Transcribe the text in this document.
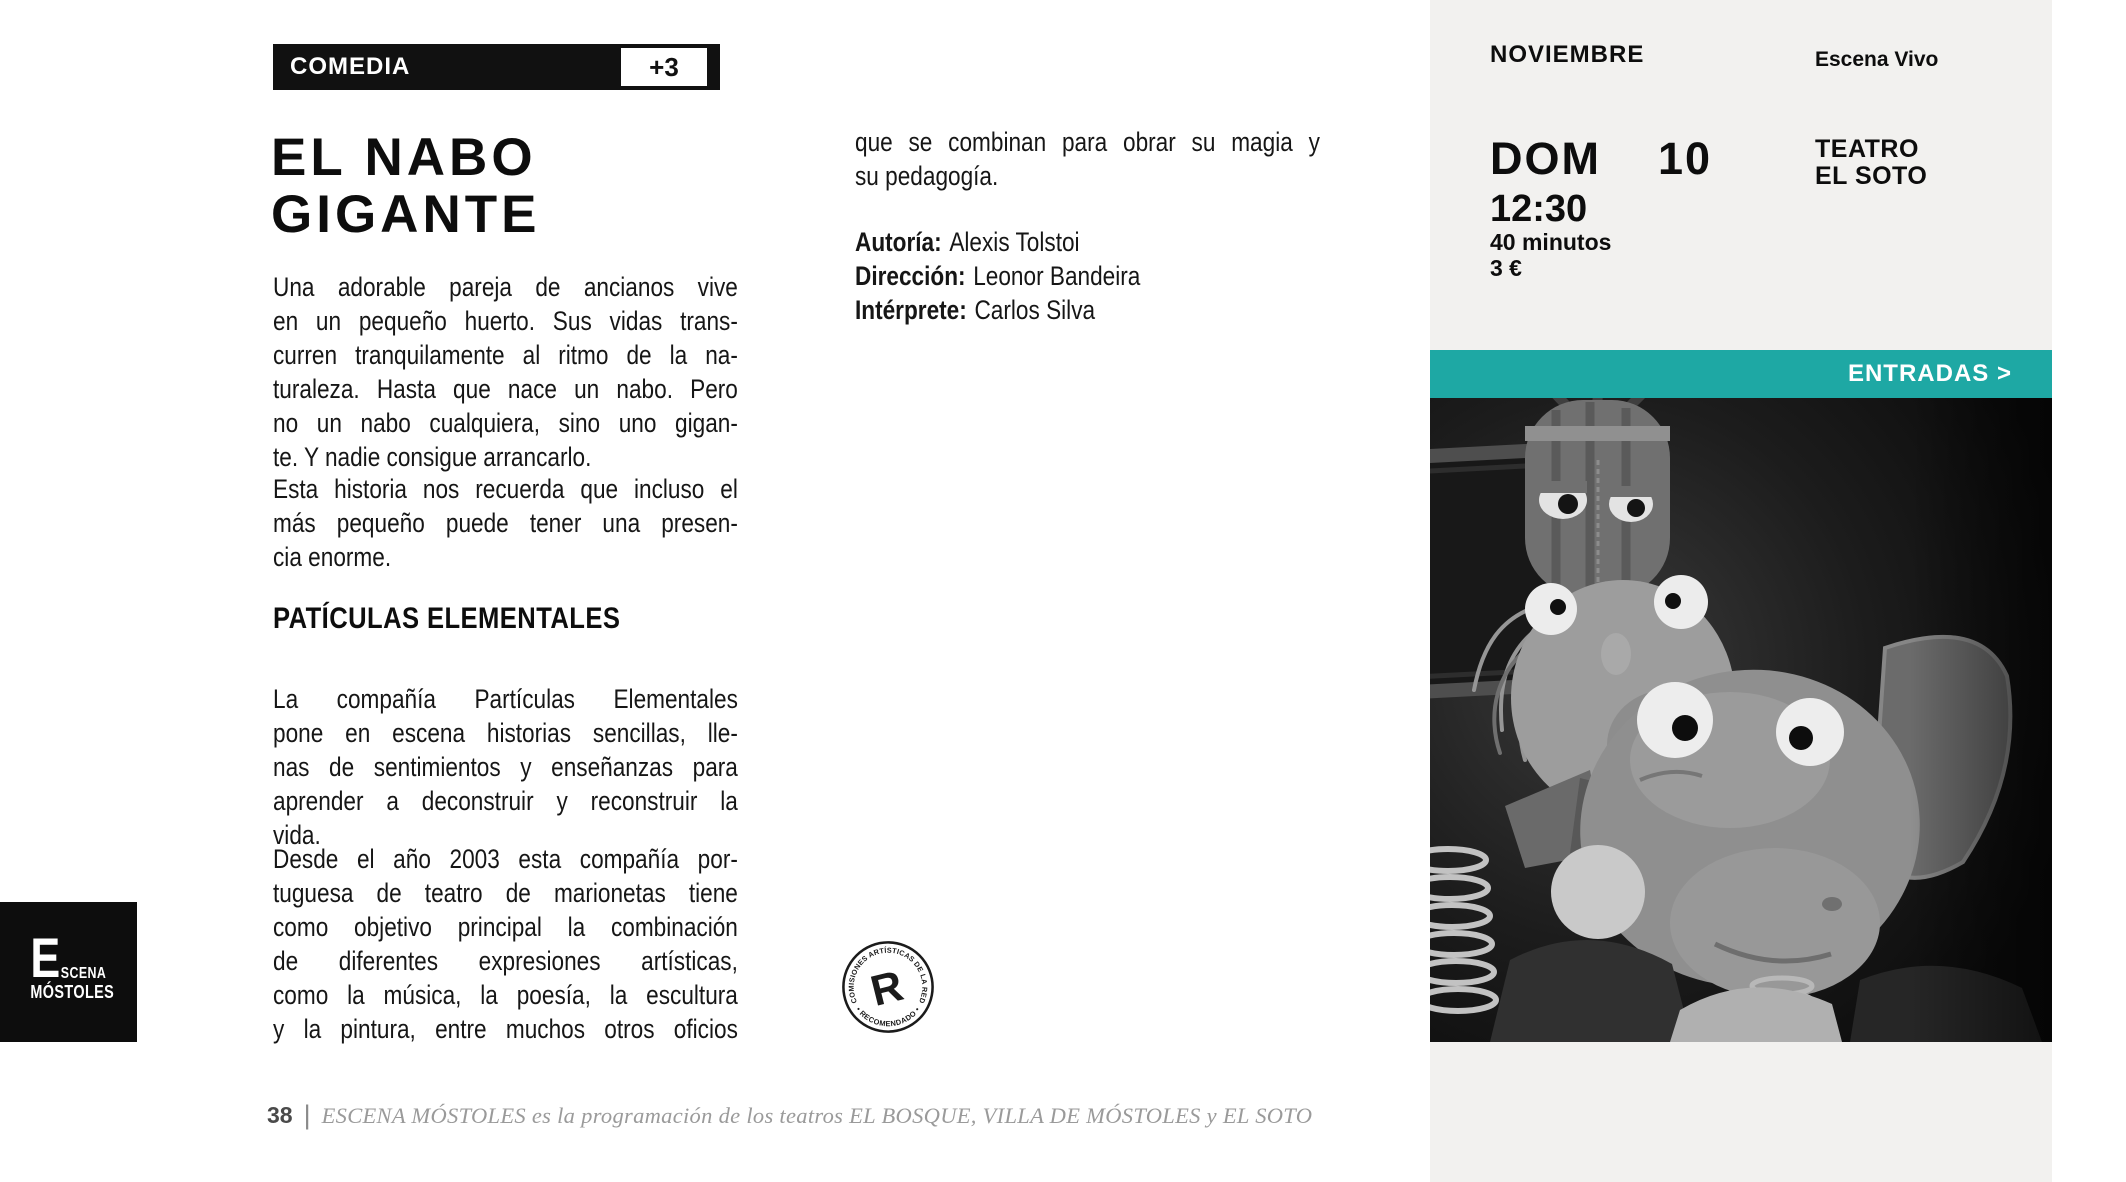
COMEDIA	+3
EL NABO
GIGANTE
Una adorable pareja de ancianos vive
en un pequeño huerto. Sus vidas trans-
curren tranquilamente al ritmo de la na-
turaleza. Hasta que nace un nabo. Pero
no un nabo cualquiera, sino uno gigan-
te. Y nadie consigue arrancarlo.
Esta historia nos recuerda que incluso el
más pequeño puede tener una presen-
cia enorme.
PATÍCULAS ELEMENTALES
La compañía Partículas Elementales
pone en escena historias sencillas, lle-
nas de sentimientos y enseñanzas para
aprender a deconstruir y reconstruir la
vida.
Desde el año 2003 esta compañía por-
tuguesa de teatro de marionetas tiene
como objetivo principal la combinación
de diferentes expresiones artísticas,
como la música, la poesía, la escultura
y la pintura, entre muchos otros oficios
que se combinan para obrar su magia y
su pedagogía.
Autoría: Alexis Tolstoi
Dirección: Leonor Bandeira
Intérprete: Carlos Silva
COMISIONES ARTÍSTICAS DE LA RED
• RECOMENDADO •
R
NOVIEMBRE	Escena Vivo
DOM 10	TEATRO
EL SOTO
12:30
40 minutos
3 €
ENTRADAS >
E SCENA
MÓSTOLES
38 | ESCENA MÓSTOLES es la programación de los teatros EL BOSQUE, VILLA DE MÓSTOLES y EL SOTO
